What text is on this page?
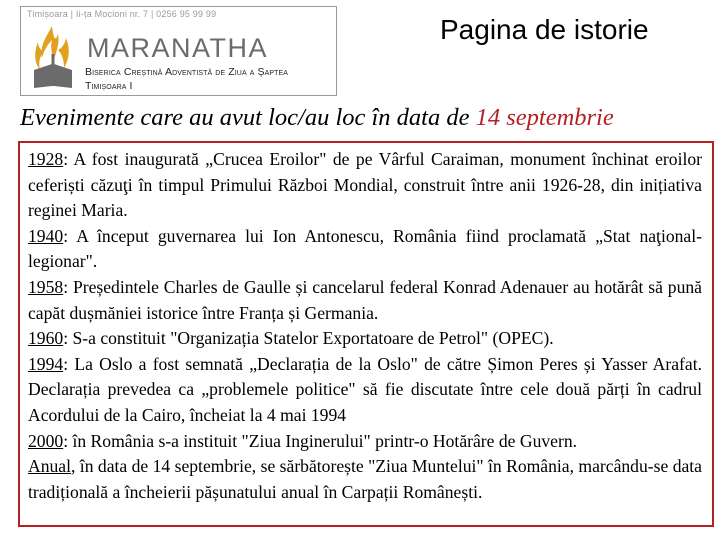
Timișoara | Ii-ța Mocioni nr. 7 | 0256 95 99 99
MARANATHA
Biserica Creștină Adventistă de Ziua a Șaptea
Timișoara I
Pagina de istorie
Evenimente care au avut loc/au loc în data de 14 septembrie

1928: A fost inaugurată „Crucea Eroilor" de pe Vârful Caraiman, monument închinat eroilor ceferiști căzuţi în timpul Primului Război Mondial, construit între anii 1926-28, din inițiativa reginei Maria.

1940: A început guvernarea lui Ion Antonescu, România fiind proclamată „Stat naţional-legionar".

1958: Președintele Charles de Gaulle și cancelarul federal Konrad Adenauer au hotărât să pună capăt dușmăniei istorice între Franța și Germania.

1960: S-a constituit "Organizația Statelor Exportatoare de Petrol" (OPEC).

1994: La Oslo a fost semnată „Declarația de la Oslo" de către Șimon Peres și Yasser Arafat. Declarația prevedea ca „problemele politice" să fie discutate între cele două părți în cadrul Acordului de la Cairo, încheiat la 4 mai 1994

2000: în România s-a instituit "Ziua Inginerului" printr-o Hotărâre de Guvern.

Anual, în data de 14 septembrie, se sărbătorește "Ziua Muntelui" în România, marcându-se data tradițională a încheierii pășunatului anual în Carpații Românești.
